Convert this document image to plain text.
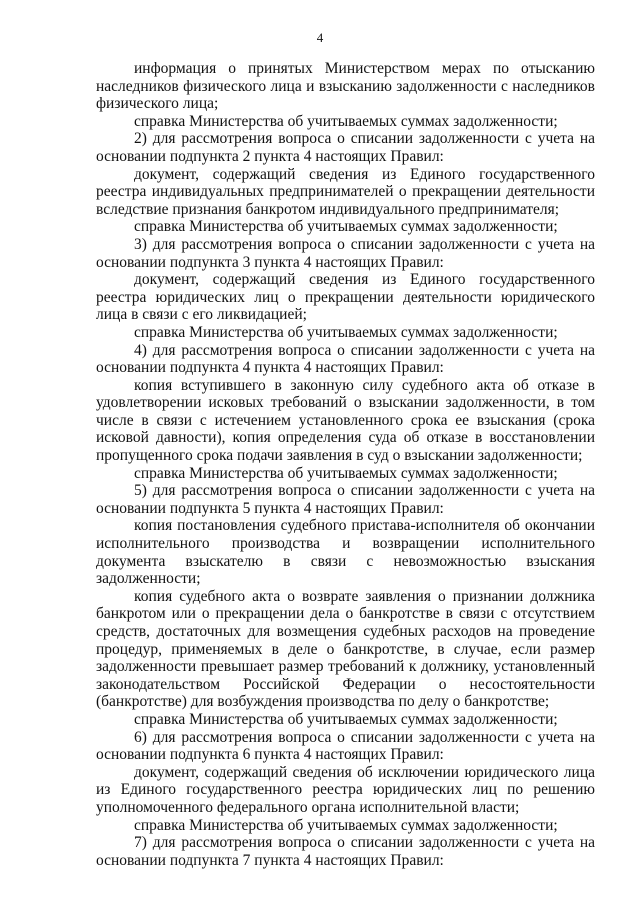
4

информация о принятых Министерством мерах по отысканию наследников физического лица и взысканию задолженности с наследников физического лица;

справка Министерства об учитываемых суммах задолженности;

2) для рассмотрения вопроса о списании задолженности с учета на основании подпункта 2 пункта 4 настоящих Правил:

документ, содержащий сведения из Единого государственного реестра индивидуальных предпринимателей о прекращении деятельности вследствие признания банкротом индивидуального предпринимателя;

справка Министерства об учитываемых суммах задолженности;

3) для рассмотрения вопроса о списании задолженности с учета на основании подпункта 3 пункта 4 настоящих Правил:

документ, содержащий сведения из Единого государственного реестра юридических лиц о прекращении деятельности юридического лица в связи с его ликвидацией;

справка Министерства об учитываемых суммах задолженности;

4) для рассмотрения вопроса о списании задолженности с учета на основании подпункта 4 пункта 4 настоящих Правил:

копия вступившего в законную силу судебного акта об отказе в удовлетворении исковых требований о взыскании задолженности, в том числе в связи с истечением установленного срока ее взыскания (срока исковой давности), копия определения суда об отказе в восстановлении пропущенного срока подачи заявления в суд о взыскании задолженности;

справка Министерства об учитываемых суммах задолженности;

5) для рассмотрения вопроса о списании задолженности с учета на основании подпункта 5 пункта 4 настоящих Правил:

копия постановления судебного пристава-исполнителя об окончании исполнительного производства и возвращении исполнительного документа взыскателю в связи с невозможностью взыскания задолженности;

копия судебного акта о возврате заявления о признании должника банкротом или о прекращении дела о банкротстве в связи с отсутствием средств, достаточных для возмещения судебных расходов на проведение процедур, применяемых в деле о банкротстве, в случае, если размер задолженности превышает размер требований к должнику, установленный законодательством Российской Федерации о несостоятельности (банкротстве) для возбуждения производства по делу о банкротстве;

справка Министерства об учитываемых суммах задолженности;

6) для рассмотрения вопроса о списании задолженности с учета на основании подпункта 6 пункта 4 настоящих Правил:

документ, содержащий сведения об исключении юридического лица из Единого государственного реестра юридических лиц по решению уполномоченного федерального органа исполнительной власти;

справка Министерства об учитываемых суммах задолженности;

7) для рассмотрения вопроса о списании задолженности с учета на основании подпункта 7 пункта 4 настоящих Правил:
